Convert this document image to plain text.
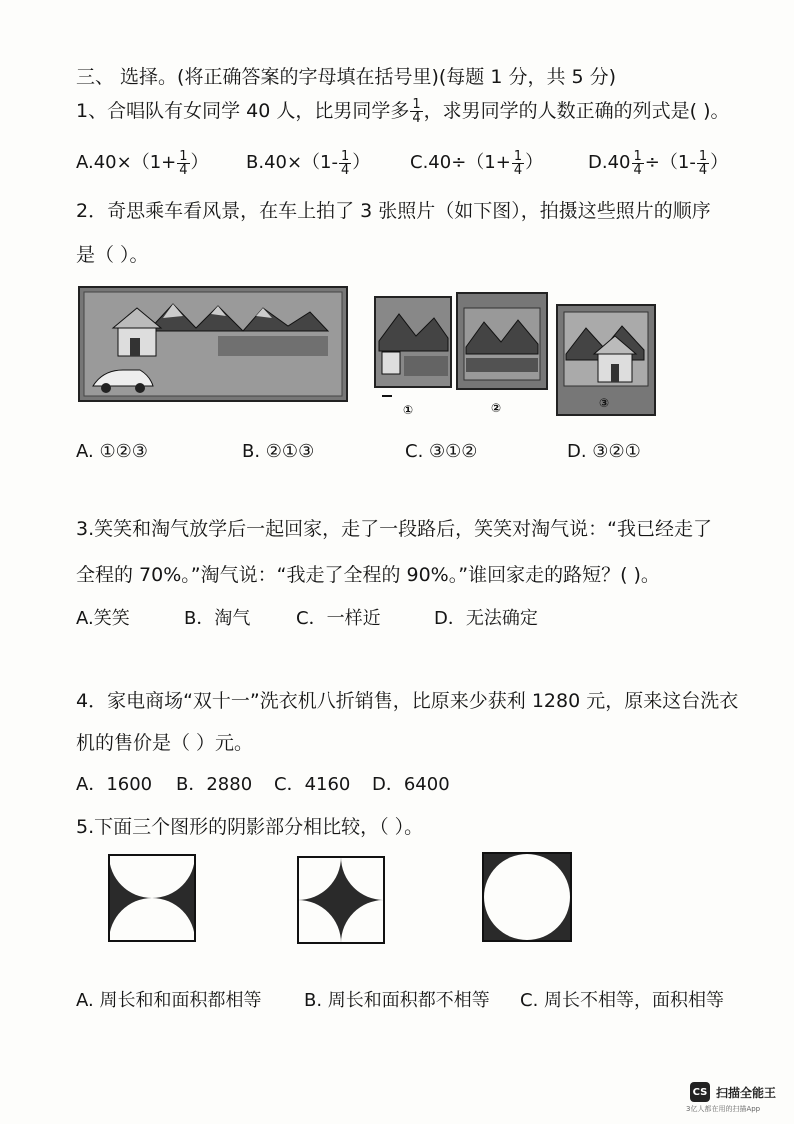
三、 选择。(将正确答案的字母填在括号里)(每题 1 分，共 5 分)
1、合唱队有女同学 40 人，比男同学多 $\frac{1}{4}$ ，求男同学的人数正确的列式是( )。
$A.40\times(1+ \frac{1}{4}$ ） $B.40\times(1- \frac{1}{4}$ ） $C.40\div(1+ \frac{1}{4}$ ） $D.40 \frac{1}{4} \div(1- \frac{1}{4}$ ）
2．奇思乘车看风景，在车上拍了 3 张照片（如下图），拍摄这些照片的顺序
是（ ）。
①	②	③
A. ①②③	B. ②①③	C. ③①②	D. ③②①
3.笑笑和淘气放学后一起回家，走了一段路后，笑笑对淘气说：“我已经走了
全程的 70%。”淘气说：“我走了全程的 90%。”谁回家走的路短？( )。
A.笑笑	B．淘气	C．一样近	D．无法确定
4．家电商场“双十一”洗衣机八折销售，比原来少获利 1280 元，原来这台洗衣
机的售价是（ ）元。
A．1600 B．2880 C．4160 D．6400
5.下面三个图形的阴影部分相比较，（ ）。
A. 周长和和面积都相等 B. 周长和面积都不相等 C. 周长不相等，面积相等
CS 扫描全能王
3亿人都在用的扫描App
